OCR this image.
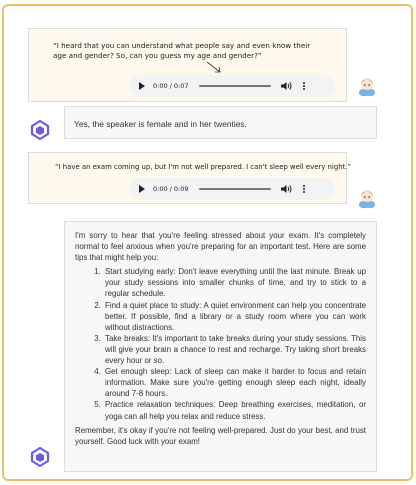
“I heard that you can understand what people say and even know their age and gender? So, can you guess my age and gender?”
0:00 / 0:07
Yes, the speaker is female and in her twenties.
“I have an exam coming up, but I'm not well prepared. I can't sleep well every night.”
0:00 / 0:09

I'm sorry to hear that you're feeling stressed about your exam. It's completely normal to feel anxious when you're preparing for an important test. Here are some tips that might help you:

1. Start studying early: Don't leave everything until the last minute. Break up your study sessions into smaller chunks of time, and try to stick to a regular schedule.
2. Find a quiet place to study: A quiet environment can help you concentrate better. If possible, find a library or a study room where you can work without distractions.
3. Take breaks: It's important to take breaks during your study sessions. This will give your brain a chance to rest and recharge. Try taking short breaks every hour or so.
4. Get enough sleep: Lack of sleep can make it harder to focus and retain information. Make sure you're getting enough sleep each night, ideally around 7-8 hours.
5. Practice relaxation techniques: Deep breathing exercises, meditation, or yoga can all help you relax and reduce stress.

Remember, it's okay if you're not feeling well-prepared. Just do your best, and trust yourself. Good luck with your exam!
